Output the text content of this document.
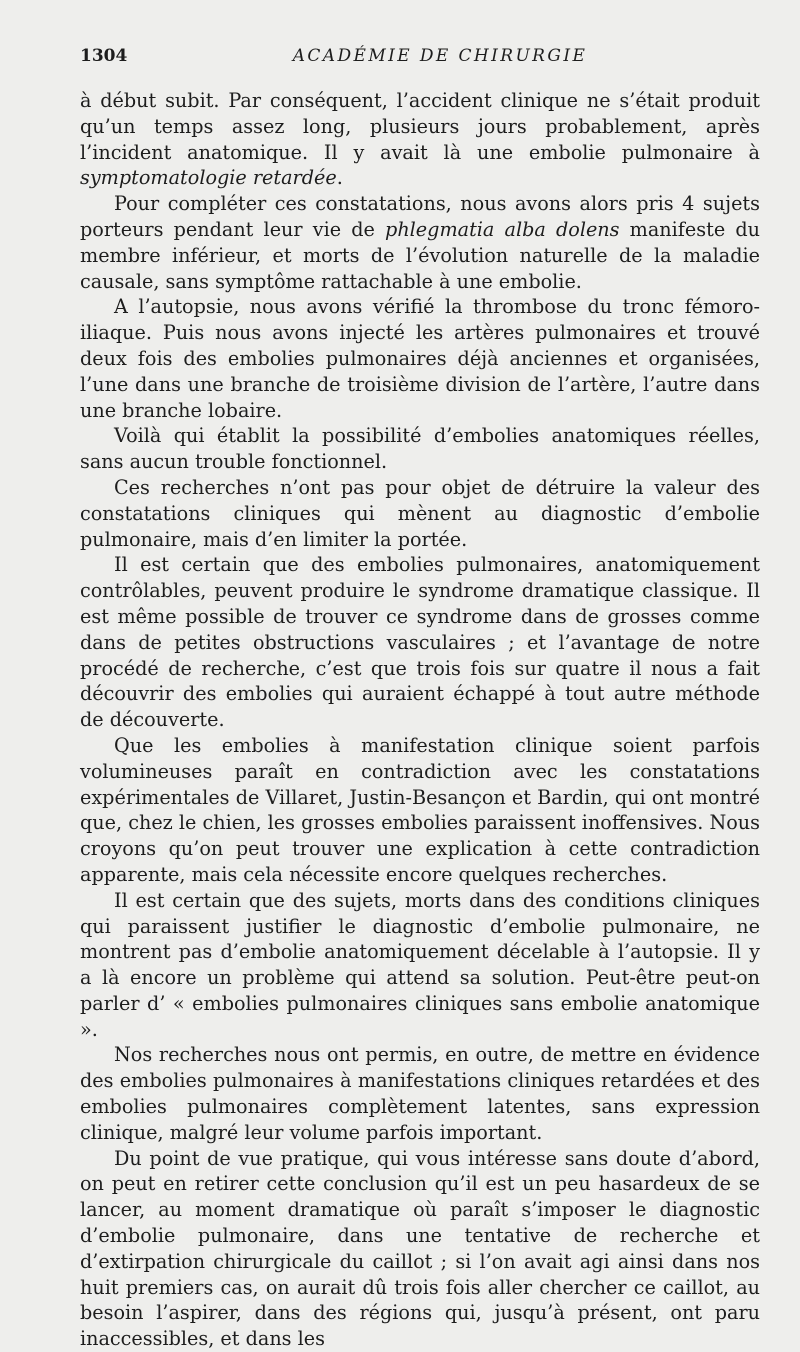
1304	ACADÉMIE DE CHIRURGIE

à début subit. Par conséquent, l’accident clinique ne s’était produit qu’un temps assez long, plusieurs jours probablement, après l’incident anatomique. Il y avait là une embolie pulmonaire à symptomatologie retardée.

Pour compléter ces constatations, nous avons alors pris 4 sujets porteurs pendant leur vie de phlegmatia alba dolens manifeste du membre inférieur, et morts de l’évolution naturelle de la maladie causale, sans symptôme rattachable à une embolie.

A l’autopsie, nous avons vérifié la thrombose du tronc fémoro-iliaque. Puis nous avons injecté les artères pulmonaires et trouvé deux fois des embolies pulmonaires déjà anciennes et organisées, l’une dans une branche de troisième division de l’artère, l’autre dans une branche lobaire.

Voilà qui établit la possibilité d’embolies anatomiques réelles, sans aucun trouble fonctionnel.

Ces recherches n’ont pas pour objet de détruire la valeur des constatations cliniques qui mènent au diagnostic d’embolie pulmonaire, mais d’en limiter la portée.

Il est certain que des embolies pulmonaires, anatomiquement contrôlables, peuvent produire le syndrome dramatique classique. Il est même possible de trouver ce syndrome dans de grosses comme dans de petites obstructions vasculaires ; et l’avantage de notre procédé de recherche, c’est que trois fois sur quatre il nous a fait découvrir des embolies qui auraient échappé à tout autre méthode de découverte.

Que les embolies à manifestation clinique soient parfois volumineuses paraît en contradiction avec les constatations expérimentales de Villaret, Justin-Besançon et Bardin, qui ont montré que, chez le chien, les grosses embolies paraissent inoffensives. Nous croyons qu’on peut trouver une explication à cette contradiction apparente, mais cela nécessite encore quelques recherches.

Il est certain que des sujets, morts dans des conditions cliniques qui paraissent justifier le diagnostic d’embolie pulmonaire, ne montrent pas d’embolie anatomiquement décelable à l’autopsie. Il y a là encore un problème qui attend sa solution. Peut-être peut-on parler d’ « embolies pulmonaires cliniques sans embolie anatomique ».

Nos recherches nous ont permis, en outre, de mettre en évidence des embolies pulmonaires à manifestations cliniques retardées et des embolies pulmonaires complètement latentes, sans expression clinique, malgré leur volume parfois important.

Du point de vue pratique, qui vous intéresse sans doute d’abord, on peut en retirer cette conclusion qu’il est un peu hasardeux de se lancer, au moment dramatique où paraît s’imposer le diagnostic d’embolie pulmonaire, dans une tentative de recherche et d’extirpation chirurgicale du caillot ; si l’on avait agi ainsi dans nos huit premiers cas, on aurait dû trois fois aller chercher ce caillot, au besoin l’aspirer, dans des régions qui, jusqu’à présent, ont paru inaccessibles, et dans les
